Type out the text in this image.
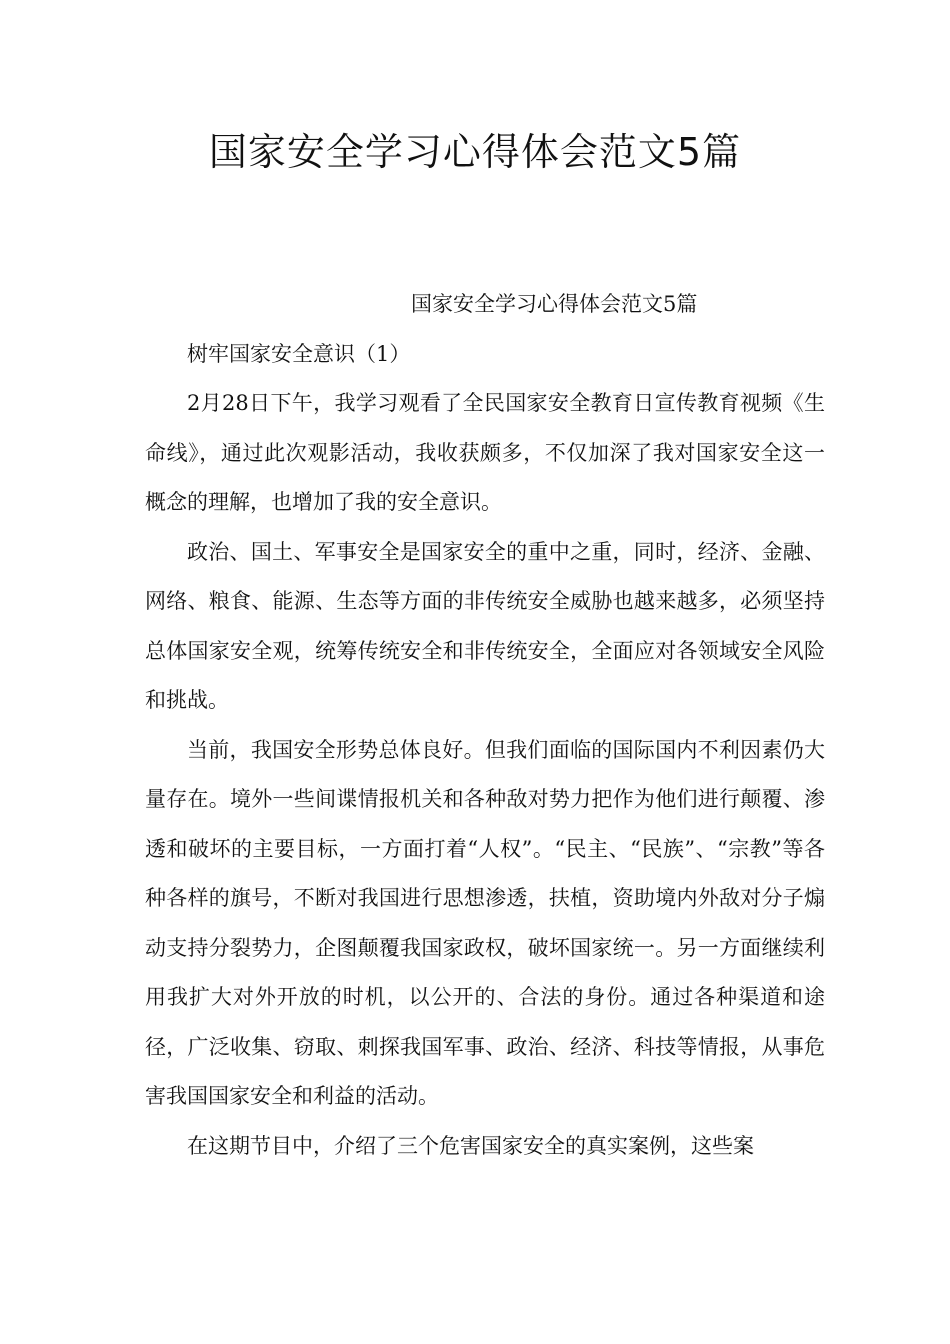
国家安全学习心得体会范文5篇

国家安全学习心得体会范文5篇

树牢国家安全意识（1）

2月28日下午，我学习观看了全民国家安全教育日宣传教育视频《生命线》，通过此次观影活动，我收获颇多，不仅加深了我对国家安全这一概念的理解，也增加了我的安全意识。

政治、国土、军事安全是国家安全的重中之重，同时，经济、金融、网络、粮食、能源、生态等方面的非传统安全威胁也越来越多，必须坚持总体国家安全观，统筹传统安全和非传统安全，全面应对各领域安全风险和挑战。

当前，我国安全形势总体良好。但我们面临的国际国内不利因素仍大量存在。境外一些间谍情报机关和各种敌对势力把作为他们进行颠覆、渗透和破坏的主要目标，一方面打着“人权”。“民主、“民族”、“宗教”等各种各样的旗号，不断对我国进行思想渗透，扶植，资助境内外敌对分子煽动支持分裂势力，企图颠覆我国家政权，破坏国家统一。另一方面继续利用我扩大对外开放的时机，以公开的、合法的身份。通过各种渠道和途径，广泛收集、窃取、刺探我国军事、政治、经济、科技等情报，从事危害我国国家安全和利益的活动。

在这期节目中，介绍了三个危害国家安全的真实案例，这些案
